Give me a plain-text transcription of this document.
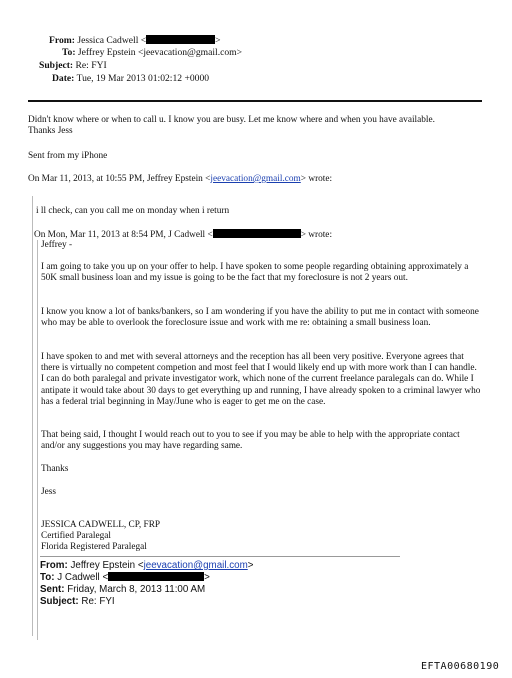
From: Jessica Cadwell <	>
To: Jeffrey Epstein <jeevacation@gmail.com>
Subject: Re: FYI
Date: Tue, 19 Mar 2013 01:02:12 +0000
Didn't know where or when to call u. I know you are busy. Let me know where and when you have available.
Thanks Jess
Sent from my iPhone
On Mar 11, 2013, at 10:55 PM, Jeffrey Epstein <jeevacation@gmail.com> wrote:
i ll check, can you call me on monday when i return
On Mon, Mar 11, 2013 at 8:54 PM, J Cadwell <	> wrote:
Jeffrey -
I am going to take you up on your offer to help. I have spoken to some people regarding obtaining approximately a 50K small business loan and my issue is going to be the fact that my foreclosure is not 2 years out.
I know you know a lot of banks/bankers, so I am wondering if you have the ability to put me in contact with someone who may be able to overlook the foreclosure issue and work with me re: obtaining a small business loan.
I have spoken to and met with several attorneys and the reception has all been very positive. Everyone agrees that there is virtually no competent competion and most feel that I would likely end up with more work than I can handle. I can do both paralegal and private investigator work, which none of the current freelance paralegals can do. While I antipate it would take about 30 days to get everything up and running, I have already spoken to a criminal lawyer who has a federal trial beginning in May/June who is eager to get me on the case.
That being said, I thought I would reach out to you to see if you may be able to help with the appropriate contact and/or any suggestions you may have regarding same.
Thanks
Jess
JESSICA CADWELL, CP, FRP
Certified Paralegal
Florida Registered Paralegal
From: Jeffrey Epstein <jeevacation@gmail.com>
To: J Cadwell <	>
Sent: Friday, March 8, 2013 11:00 AM
Subject: Re: FYI
EFTA00680190
